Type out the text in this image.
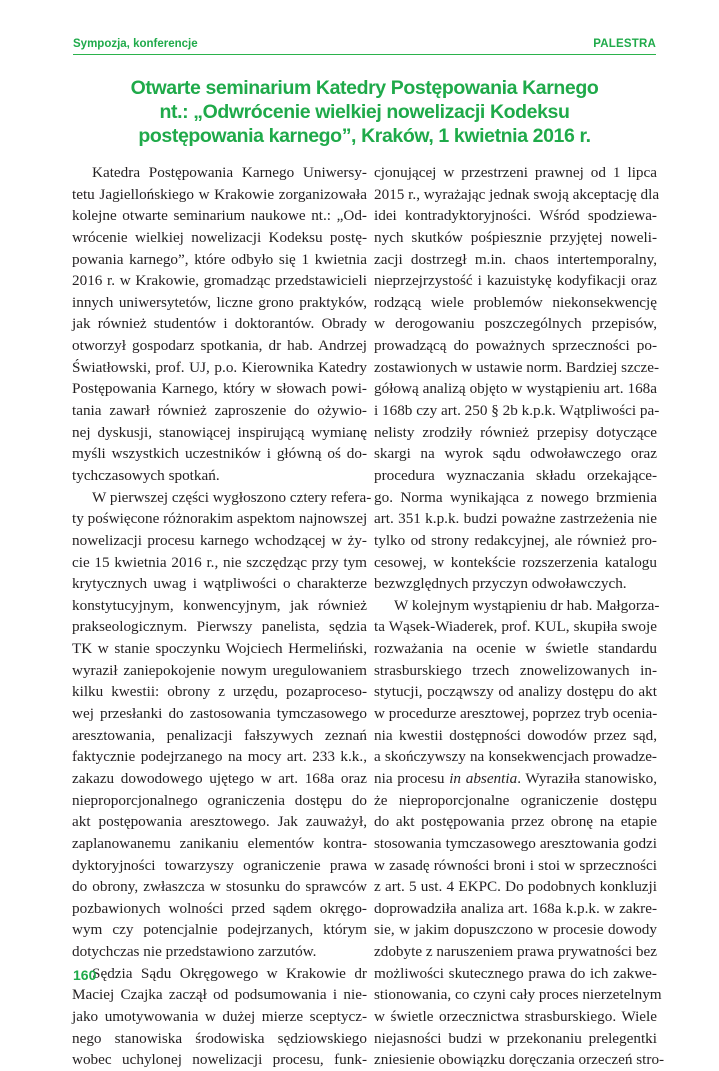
Sympozja, konferencje	PALESTRA
Otwarte seminarium Katedry Postępowania Karnego
nt.: „Odwrócenie wielkiej nowelizacji Kodeksu
postępowania karnego”, Kraków, 1 kwietnia 2016 r.
Katedra Postępowania Karnego Uniwersy-
tetu Jagiellońskiego w Krakowie zorganizowała
kolejne otwarte seminarium naukowe nt.: „Od-
wrócenie wielkiej nowelizacji Kodeksu postę-
powania karnego”, które odbyło się 1 kwietnia
2016 r. w Krakowie, gromadząc przedstawicieli
innych uniwersytetów, liczne grono praktyków,
jak również studentów i doktorantów. Obrady
otworzył gospodarz spotkania, dr hab. Andrzej
Światłowski, prof. UJ, p.o. Kierownika Katedry
Postępowania Karnego, który w słowach powi-
tania zawarł również zaproszenie do ożywio-
nej dyskusji, stanowiącej inspirującą wymianę
myśli wszystkich uczestników i główną oś do-
tychczasowych spotkań.
W pierwszej części wygłoszono cztery refera-
ty poświęcone różnorakim aspektom najnowszej
nowelizacji procesu karnego wchodzącej w ży-
cie 15 kwietnia 2016 r., nie szczędząc przy tym
krytycznych uwag i wątpliwości o charakterze
konstytucyjnym, konwencyjnym, jak również
prakseologicznym. Pierwszy panelista, sędzia
TK w stanie spoczynku Wojciech Hermeliński,
wyraził zaniepokojenie nowym uregulowaniem
kilku kwestii: obrony z urzędu, pozaproceso-
wej przesłanki do zastosowania tymczasowego
aresztowania, penalizacji fałszywych zeznań
faktycznie podejrzanego na mocy art. 233 k.k.,
zakazu dowodowego ujętego w art. 168a oraz
nieproporcjonalnego ograniczenia dostępu do
akt postępowania aresztowego. Jak zauważył,
zaplanowanemu zanikaniu elementów kontra-
dyktoryjności towarzyszy ograniczenie prawa
do obrony, zwłaszcza w stosunku do sprawców
pozbawionych wolności przed sądem okręgo-
wym czy potencjalnie podejrzanych, którym
dotychczas nie przedstawiono zarzutów.
Sędzia Sądu Okręgowego w Krakowie dr
Maciej Czajka zaczął od podsumowania i nie-
jako umotywowania w dużej mierze sceptycz-
nego stanowiska środowiska sędziowskiego
wobec uchylonej nowelizacji procesu, funk-
cjonującej w przestrzeni prawnej od 1 lipca
2015 r., wyrażając jednak swoją akceptację dla
idei kontradyktoryjności. Wśród spodziewa-
nych skutków pośpiesznie przyjętej noweli-
zacji dostrzegł m.in. chaos intertemporalny,
nieprzejrzystość i kazuistykę kodyfikacji oraz
rodzącą wiele problemów niekonsekwencję
w derogowaniu poszczególnych przepisów,
prowadzącą do poważnych sprzeczności po-
zostawionych w ustawie norm. Bardziej szcze-
gółową analizą objęto w wystąpieniu art. 168a
i 168b czy art. 250 § 2b k.p.k. Wątpliwości pa-
nelisty zrodziły również przepisy dotyczące
skargi na wyrok sądu odwoławczego oraz
procedura wyznaczania składu orzekające-
go. Norma wynikająca z nowego brzmienia
art. 351 k.p.k. budzi poważne zastrzeżenia nie
tylko od strony redakcyjnej, ale również pro-
cesowej, w kontekście rozszerzenia katalogu
bezwzględnych przyczyn odwoławczych.
W kolejnym wystąpieniu dr hab. Małgorza-
ta Wąsek-Wiaderek, prof. KUL, skupiła swoje
rozważania na ocenie w świetle standardu
strasburskiego trzech znowelizowanych in-
stytucji, począwszy od analizy dostępu do akt
w procedurze aresztowej, poprzez tryb ocenia-
nia kwestii dostępności dowodów przez sąd,
a skończywszy na konsekwencjach prowadze-
nia procesu in absentia. Wyraziła stanowisko,
że nieproporcjonalne ograniczenie dostępu
do akt postępowania przez obronę na etapie
stosowania tymczasowego aresztowania godzi
w zasadę równości broni i stoi w sprzeczności
z art. 5 ust. 4 EKPC. Do podobnych konkluzji
doprowadziła analiza art. 168a k.p.k. w zakre-
sie, w jakim dopuszczono w procesie dowody
zdobyte z naruszeniem prawa prywatności bez
możliwości skutecznego prawa do ich zakwe-
stionowania, co czyni cały proces nierzetelnym
w świetle orzecznictwa strasburskiego. Wiele
niejasności budzi w przekonaniu prelegentki
zniesienie obowiązku doręczania orzeczeń stro-
160
